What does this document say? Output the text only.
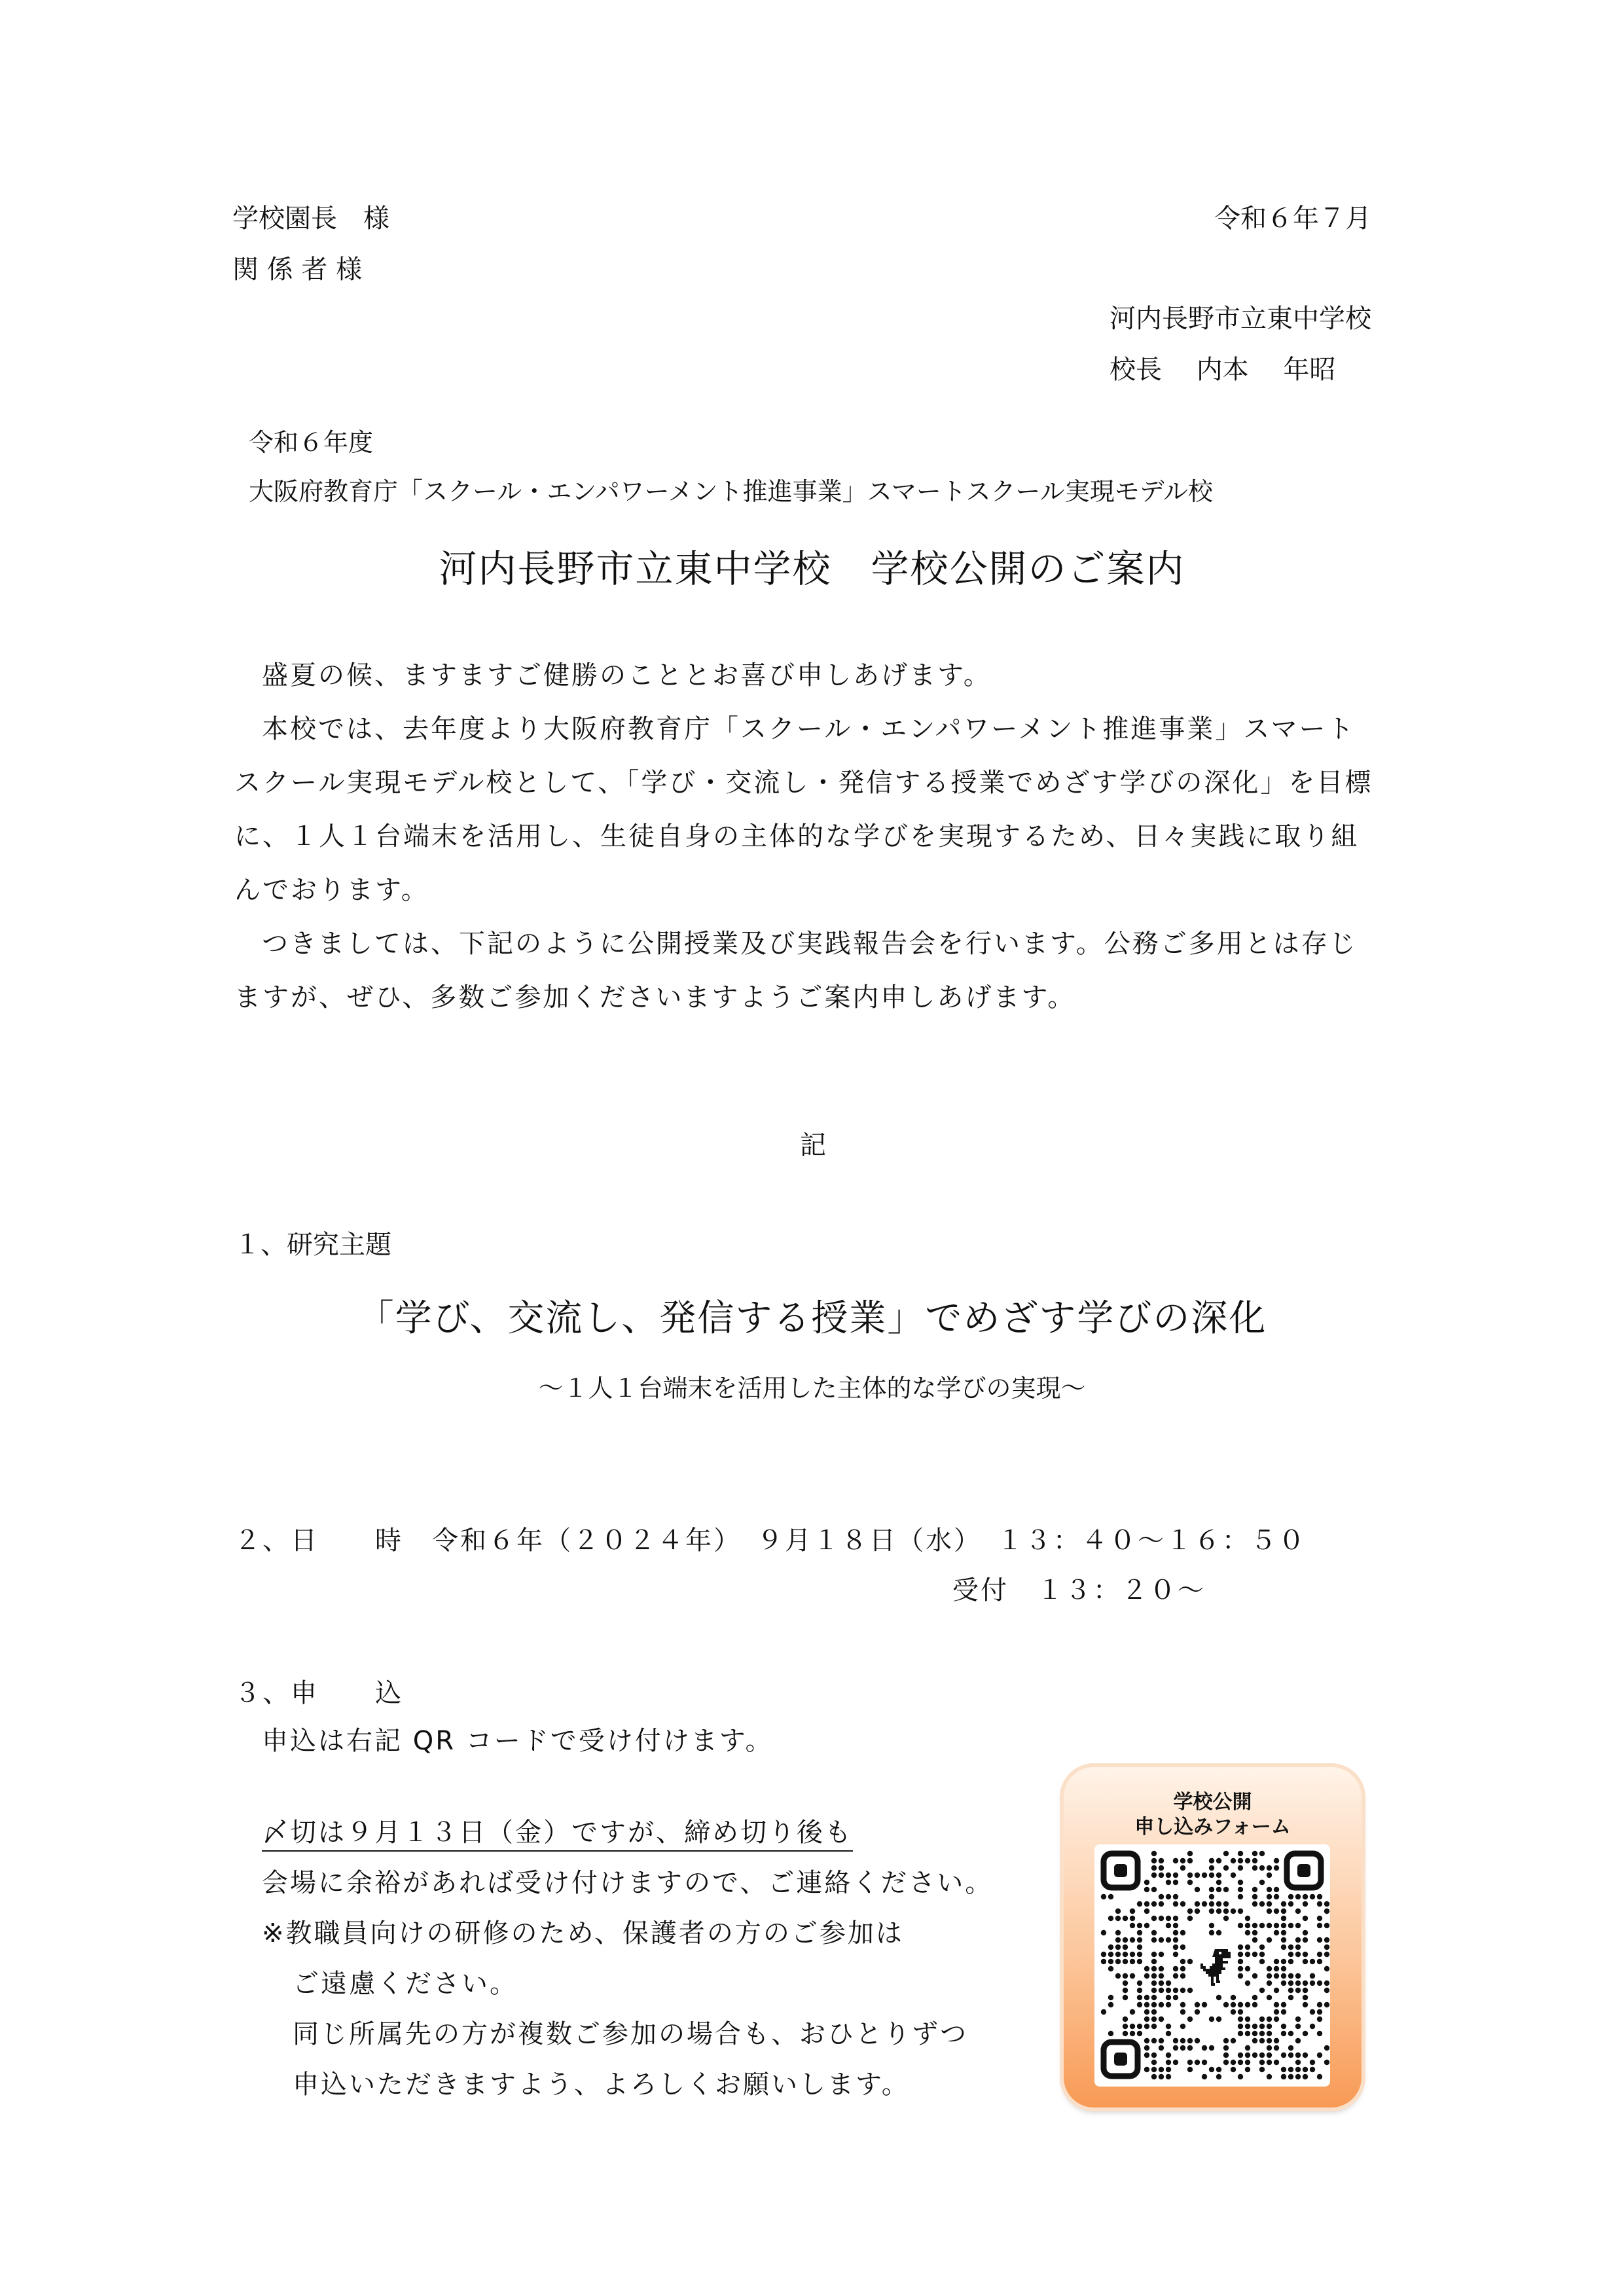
学校園長　様
関 係 者 様
令和６年７月
河内長野市立東中学校
校長　 内本　 年昭
令和６年度
大阪府教育庁「スクール・エンパワーメント推進事業」スマートスクール実現モデル校
河内長野市立東中学校　学校公開のご案内
盛夏の候、ますますご健勝のこととお喜び申しあげます。
本校では、去年度より大阪府教育庁「スクール・エンパワーメント推進事業」スマート
スクール実現モデル校として、「学び・交流し・発信する授業でめざす学びの深化」を目標
に、１人１台端末を活用し、生徒自身の主体的な学びを実現するため、日々実践に取り組
んでおります。
つきましては、下記のように公開授業及び実践報告会を行います。公務ご多用とは存じ
ますが、ぜひ、多数ご参加くださいますようご案内申しあげます。
記
１、研究主題
「学び、交流し、発信する授業」でめざす学びの深化
～１人１台端末を活用した主体的な学びの実現～
２、日　　時 令和６年（２０２４年）　９月１８日（水）　１３：４０～１６：５０
受付　１３：２０～
３、申　　込
申込は右記 QR コードで受け付けます。
〆切は９月１３日（金）ですが、締め切り後も
会場に余裕があれば受け付けますので、ご連絡ください。
※教職員向けの研修のため、保護者の方のご参加は
ご遠慮ください。
同じ所属先の方が複数ご参加の場合も、おひとりずつ
申込いただきますよう、よろしくお願いします。
学校公開
申し込みフォーム
